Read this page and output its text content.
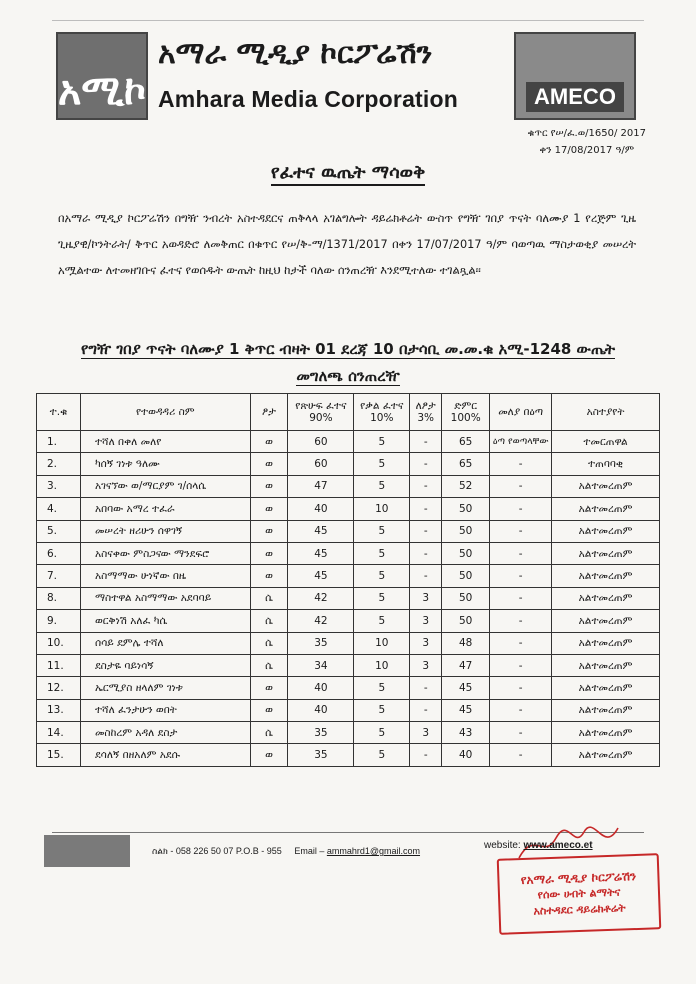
አሚኮ
አማራ ሚዲያ ኮርፖሬሽን
Amhara Media Corporation	AMECO
ቁጥር የሠ/ፈ.ወ/1650/ 2017
ቀን 17/08/2017 ዓ/ም
የፈተና ዉጤት ማሳወቅ
በአማራ ሚዲያ ኮርፖሬሽን በግዥ ንብረት አስተዳደርና ጠቅላላ አገልግሎት ዳይሬክቶሬት ውስጥ የግዥ ገበያ ጥናት ባለሙያ 1 የረጅም ጊዜ ጊዜያዊ/ኮንትራት/ ቅጥር አወዳድሮ ለመቅጠር በቁጥር የሠ/ቅ-ማ/1371/2017 በቀን 17/07/2017 ዓ/ም ባወጣዉ ማስታወቂያ መሠረት አሟልተው ለተመዘገቡና ፈተና የወሰዱት ውጤት ከዚህ ከታች ባለው ሰንጠረዥ እንደሚተለው ተገልጿል፡፡
የግዥ ገበያ ጥናት ባለሙያ 1 ቅጥር ብዛት 01 ደረጃ 10 በታሳቢ መ.መ.ቁ አሚ-1248 ውጤት
መግለጫ ሰንጠረዥ
ተ.ቁ	የተወዳዳሪ ስም	ፆታ	የጽሁፍ ፈተና 90%	የቃል ፈተና 10%	ለፆታ 3%	ድምር 100%	መለያ በዕጣ	አስተያየት
1.	ተሻለ በቀለ መለየ	ወ	60	5	-	65	ዕጣ የወጣላቸው	ተመርጠዋል
2.	ካሰኝ ገነቱ ዓለሙ	ወ	60	5	-	65	-	ተጠባባቂ
3.	አገናኘው ወ/ማርያም ገ/ሰላሴ	ወ	47	5	-	52	-	አልተመረጠም
4.	አበባው አማረ ተፈራ	ወ	40	10	-	50	-	አልተመረጠም
5.	መሠረት ዘሪሁን ሰዋገኝ	ወ	45	5	-	50	-	አልተመረጠም
6.	አስናቀው ምስጋናው ማንደፍሮ	ወ	45	5	-	50	-	አልተመረጠም
7.	አስማማው ሁነኛው በዜ	ወ	45	5	-	50	-	አልተመረጠም
8.	ማስተዋል አስማማው አደባባይ	ሴ	42	5	3	50	-	አልተመረጠም
9.	ወርቅነሽ አለፈ ካሴ	ሴ	42	5	3	50	-	አልተመረጠም
10.	ሰሳይ ደምሌ ተሻለ	ሴ	35	10	3	48	-	አልተመረጠም
11.	ደስታዬ ባይነሳኝ	ሴ	34	10	3	47	-	አልተመረጠም
12.	ኤርሚያስ ዘላለም ገነቱ	ወ	40	5	-	45	-	አልተመረጠም
13.	ተሻለ ፈንታሁን ወበት	ወ	40	5	-	45	-	አልተመረጠም
14.	መስከረም አዳለ ደስታ	ሴ	35	5	3	43	-	አልተመረጠም
15.	ደሳለኝ በዘአለም አደሱ	ወ	35	5	-	40	-	አልተመረጠም
ስልክ - 058 226 50 07 P.O.B - 955 Email – ammahrd1@gmail.com	website: www.ameco.et
የአማራ ሚዲያ ኮርፖሬሽን
የሰው ሀብት ልማትና
አስተዳደር ዳይሬክቶሬት
